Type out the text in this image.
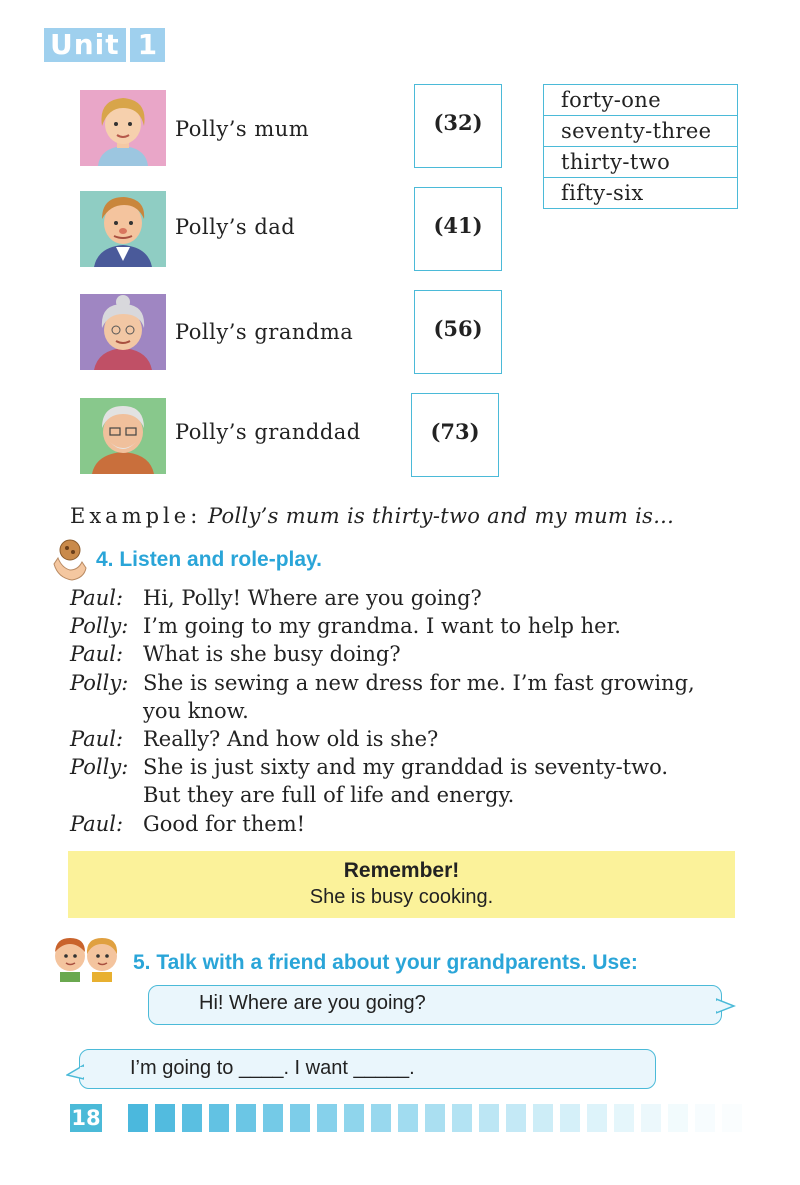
Unit 1
Polly’s mum
Polly’s dad
Polly’s grandma
Polly’s granddad
(32)
(41)
(56)
(73)
forty-one
seventy-three
thirty-two
fifty-six
Example: Polly’s mum is thirty-two and my mum is...
4. Listen and role-play.
Paul: Hi, Polly! Where are you going?
Polly: I’m going to my grandma. I want to help her.
Paul: What is she busy doing?
Polly: She is sewing a new dress for me. I’m fast growing,
you know.
Paul: Really? And how old is she?
Polly: She is just sixty and my granddad is seventy-two.
But they are full of life and energy.
Paul: Good for them!
Remember!
She is busy cooking.
5. Talk with a friend about your grandparents. Use:
Hi! Where are you going?
I’m going to ____. I want _____.
18
